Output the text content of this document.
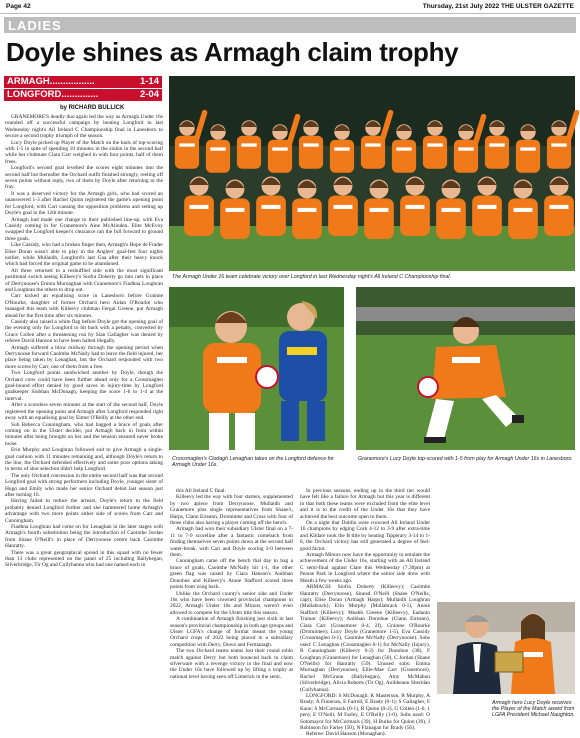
Page 42	Thursday, 21st July 2022 THE ULSTER GAZETTE
LADIES
Doyle shines as Armagh claim trophy
ARMAGH.................	1-14
LONGFORD..............	2-04
by RICHARD BULLICK

GRANEMORE'S deadly duo again led the way as Armagh Under 16s rounded off a successful campaign by beating Longford in last Wednesday night's All Ireland C Championship final in Lanesboro to secure a second trophy triumph of the season.

Lucy Doyle picked up Player of the Match on the back of top-scoring with 1-5 in spite of spending 10 minutes in the sinbin in the second half while her clubmate Ciara Carr weighed in with four points, half of them frees.

Longford's second goal levelled the scores eight minutes into the second half but thereafter the Orchard outfit finished strongly, reeling off seven points without reply, two of them by Doyle after returning to the fray.

It was a deserved victory for the Armagh girls, who had scored an unanswered 1-3 after Rachel Quinn registered the game's opening point for Longford, with Carr causing the opposition problems and setting up Doyle's goal in the 12th minute.

Armagh had made one change to their published line-up, with Eva Cassidy coming in for Granemore's Aine McAlinden. Elite McEvoy swapped the Longford keeper's clearance ran the full forward to ground three goals.

Like Cassidy, who had a broken finger then, Armagh's Hope de Frader Elise Doran wasn't able to play in the Anglers' goal-fest four nights earlier, while Mullaidh, Longford's last Gaa after their heavy knock which had forced the original game to be abandoned.

All three returned to a reshuffled side with the most significant positional switch seeing Killeevy's Siofra Doherty go into nets in place of Derrynoose's Emma Murnaghan with Granemore's Fiadhna Loughran and Loughran the others to drop out.

Carr kicked an equalising score in Lanesboro before Grainne O'Rourke, daughter of former Orchard hero Aidan O'Rourke who managed this team with Killeevy clubman Fergal Greene, put Armagh ahead for the first time after six minutes.

Cassidy also raised a white flag before Doyle got the opening goal of the evening only for Longford to hit back with a penalty, converted by Grace Collen after a threatening run by Sian Gallagher was denied by referee David Hanson to have been halted illegally.

Armagh suffered a blow midway through the opening period when Derrynoose forward Caoimhe McNally had to leave the field injured, her place being taken by Lenaghan, but the Orchard responded with two more scores by Carr, one of them from a free.

Two Longford points sandwiched another by Doyle, though the Orchard crew could have been further ahead only for a Crossmaglen goal-bound effort denied by good saves in injury-time by Longford goalkeeper Siobhan McDonagh, keeping the score 1-6 to 1-4 at the interval.

After a scoreless seven minutes at the start of the second half, Doyle registered the opening point and Armagh after Longford responded right away with an equalising goal by Eimer O'Reilly at the other end.

Sub Rebecca Cunningham, who had bagged a brace of goals after coming on in the Ulster decider, put Armagh back in front within minutes after being brought on her and the tension ensured never broke loose.

Erin Murphy and Loughran followed suit to give Armagh a single-goal cushion with 11 minutes remaining and, although Doyle's return to the line, the Orchard defended effectively and some poor options taking in terms of shot selection didn't help Longford.

The only Orchard concession in the entire second half was that second Longford goal with strong performers including Doyle, younger sister of Hugo and Emily who made her senior Orchard debut last season just after turning 16.

Having failed to reduce the arrears, Doyle's return to the field probably denied Longford further and she hammered home Armagh's advantage with two more points either side of scores from Carr and Cunningham.

Fiadhna Loughran had come on for Lenaghan in the later stages with Armagh's fourth substitution being the introduction of Caoimhe Jordan from Shane O'Neill's in place of Derrynoose centre back Caoimhe Hanratty.

There was a great geographical spread in this squad with no fewer than 13 clubs represented on the panel of 25 including Ballyhegan, Silverbridge, Tir Og and Cullyhanna who had one named each in

The Armagh Under 16 team celebrate victory over Longford in last Wednesday night's All Ireland C Championship final.
Crossmaglen's Clodagh Lenaghan takes on the Longford defence for Armagh Under 16s.
Granemore's Lucy Doyle top-scored with 1-5 from play for Armagh Under 16s in Lanesboro.

this All Ireland C final.

Killeevy led the way with four starters, supplemented by two apiece from Derrynoose, Mullaidh and Granemore plus single representatives from Shane's, Harps, Clann Eireann, Dromintee and Cross with four of those clubs also having a player coming off the bench.

Armagh had won their subsidiary Ulster final on a 7-11 to 7-9 scoreline after a fantastic comeback from finding themselves seven points down at the second half water-break, with Carr and Doyle scoring 3-0 between them.

Cunningham came off the bench that day to bag a brace of goals, Caoimhe McNally hit 1-1, the other green flag was raised by Ciara Hanson's Aoibhan Donohue and Killeevy's Annie Stafford scored three points from wing back.

Unlike the Orchard county's senior side and Under 16s who have been crowned provincial champions in 2022, Armagh Under 16s and Minors weren't even allowed to compete for the Ulster title this season.

A combination of Armagh finishing just sixth in last season's provincial championship in both age groups and Ulster LGFA's change of format meant the young Orchard crops of 2022 being placed in a subsidiary competition with Derry, Down and Fermanagh.

The two Orchard teams teams lost their round robin match against Derry but both bounced back to claim silverware with a revenge victory in the final and now the Under 16s have followed up by lifting a trophy at national level having seen off Limerick in the semi.

In previous seasons, ending up in the third tier would have felt like a failure for Armagh but this year is different in that both these teams were excluded from the elite level and it is to the credit of the Under 16s that they have achieved the best outcome open to them.

On a night that Dublin were crowned All Ireland Under 16 champions by edging Cork 4-12 to 3-9 after extra-time and Kildare took the B title by beating Tipperary 3-14 to 1-8, the Orchard victory has still generated a degree of feel-good factor.

Armagh Minors now have the opportunity to emulate the achievement of the Under 16s, starting with an All Ireland C semi-final against Clare this Wednesday (7.30pm) at Pearse Park in Longford where the senior side drew with Meath a few weeks ago.

ARMAGH: Siofra Doherty (Killeevy); Caoimhe Hanratty (Derrynoose), Sinead O'Neill (Shane O'Neills, capt), Elise Doran (Armagh Harps); Mullaidh Loughran (Mullabrack); Erin Murphy (Mullabrack 0-1), Annie Stafford (Killeevy); Meabh Greene (Killeevy), Eadaoin Trainor (Killeevy); Aoibhan Donohue (Clann Eireann), Ciara Carr (Granemore 0-4, 2f), Grainne O'Rourke (Dromintee); Lucy Doyle (Granemore 1-5), Eva Cassidy (Crossmaglen 0-1), Caoimhe McNally (Derrynoose). Subs used: C Lenaghan (Crossmaglen 0-1) for McNally (Injury), R Cunningham (Killeevy 0-2) for Donohue (38), F Loughran (Granemore) for Lenaghan (50), C Jordan (Shane O'Neills) for Hanratty (59). Unused subs: Emma Murnaghan (Derrynoose), Ellie-Mae Carr (Granemore), Rachel McGrane (Ballyhegan), Amy McMahon (Silverbridge), Alicia Roberts (Tir Og), Aoibheann Sheridan (Cullyhanna).

LONGFORD: S McDonagh; K Masterson, R Murphy, A Brady; A Finneran, E Farrell, E Brady (0-1); S Gallagher, F Kane; S McCormack (0-1), R Quinn (0-2), G Collen (1-0, 1 pen); E O'Neill, M Farley, E O'Reilly (1-0). Subs used: O Sotomayor for McCormack (39), H Burke for Quinn (39), J Robinson for Farley (50), N Flanagan for Brady (56).

Referee: David Hanson (Monaghan).

Armagh hero Lucy Doyle receives the Player of the Match award from LGFA President Michael Naughton.
